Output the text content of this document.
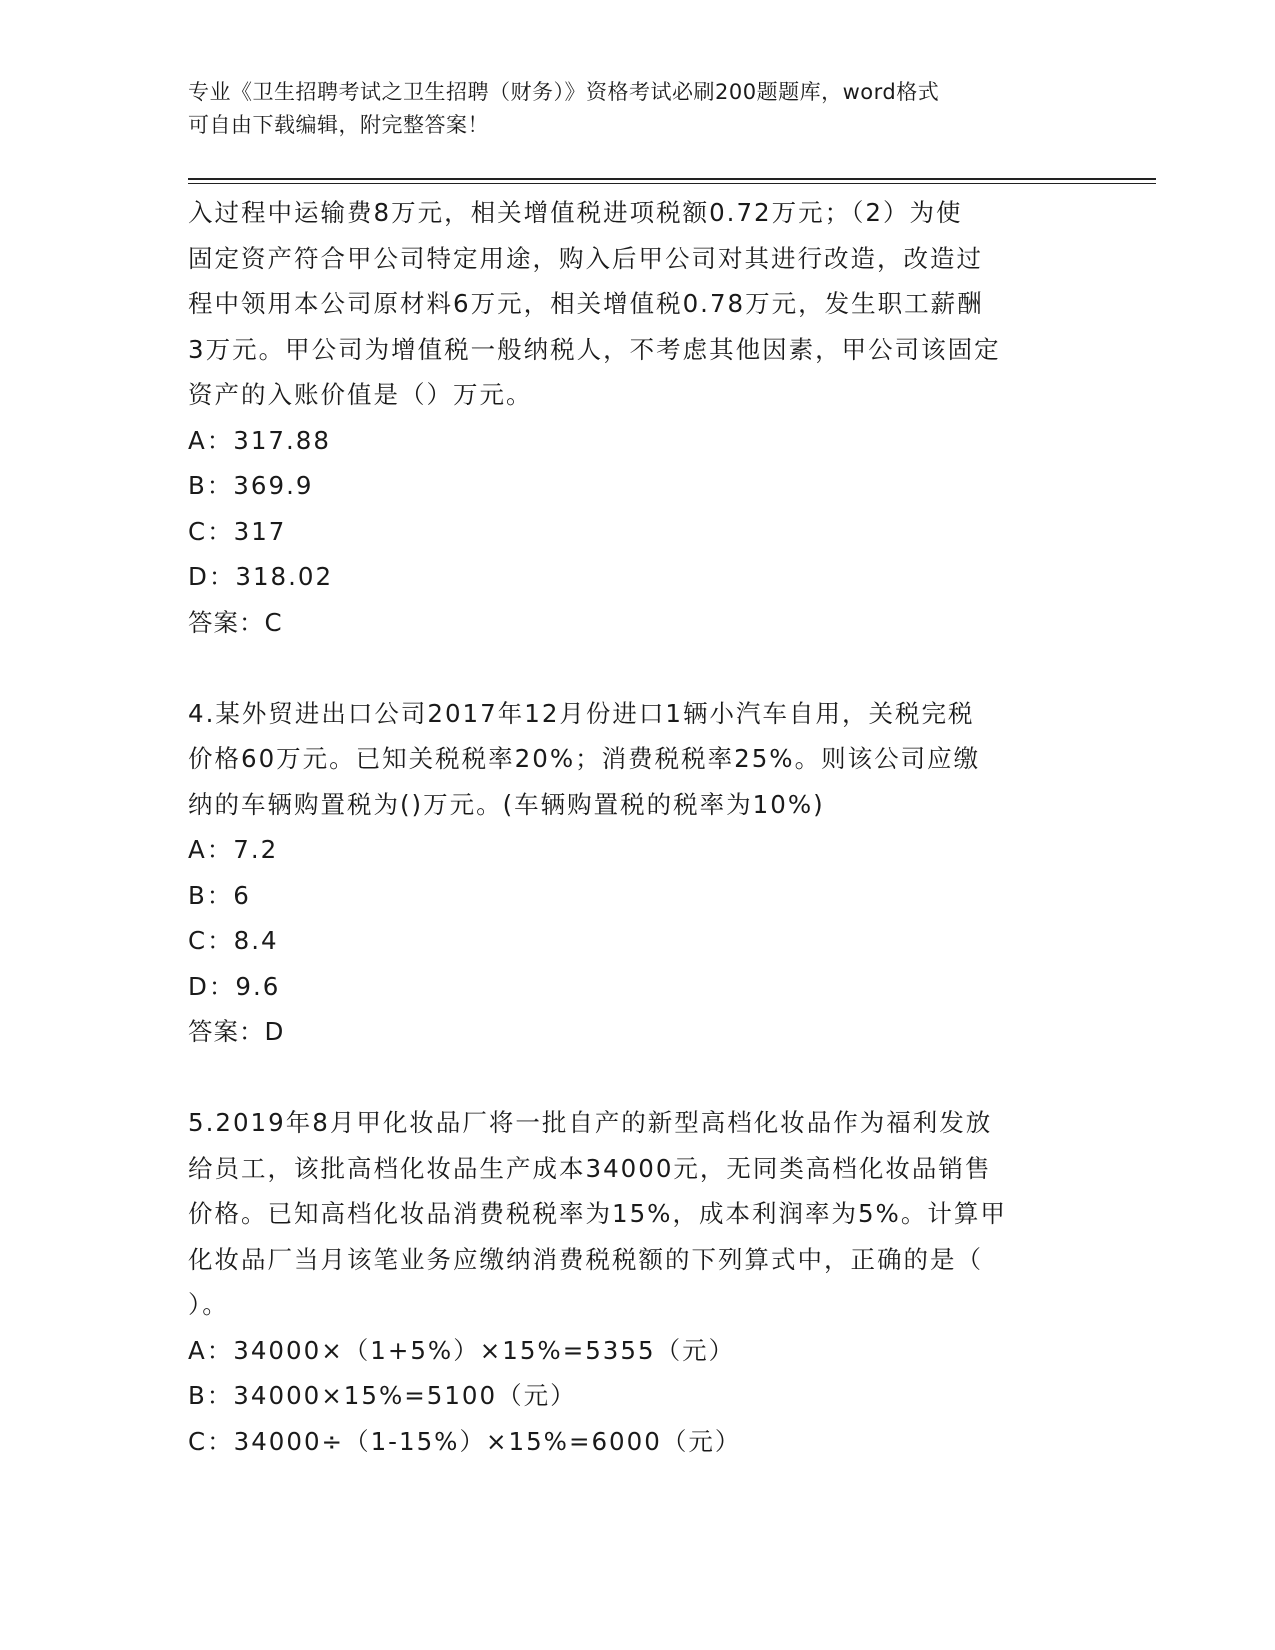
专业《卫生招聘考试之卫生招聘（财务）》资格考试必刷200题题库，word格式
可自由下载编辑，附完整答案！
入过程中运输费8万元，相关增值税进项税额0.72万元；（2）为使
固定资产符合甲公司特定用途，购入后甲公司对其进行改造，改造过
程中领用本公司原材料6万元，相关增值税0.78万元，发生职工薪酬
3万元。甲公司为增值税一般纳税人，不考虑其他因素，甲公司该固定
资产的入账价值是（）万元。
A：317.88
B：369.9
C：317
D：318.02
答案：C
4.某外贸进出口公司2017年12月份进口1辆小汽车自用，关税完税
价格60万元。已知关税税率20%；消费税税率25%。则该公司应缴
纳的车辆购置税为()万元。(车辆购置税的税率为10%)
A：7.2
B：6
C：8.4
D：9.6
答案：D
5.2019年8月甲化妆品厂将一批自产的新型高档化妆品作为福利发放
给员工，该批高档化妆品生产成本34000元，无同类高档化妆品销售
价格。已知高档化妆品消费税税率为15%，成本利润率为5%。计算甲
化妆品厂当月该笔业务应缴纳消费税税额的下列算式中，正确的是（
）。
A：34000×（1+5%）×15%=5355（元）
B：34000×15%=5100（元）
C：34000÷（1-15%）×15%=6000（元）
